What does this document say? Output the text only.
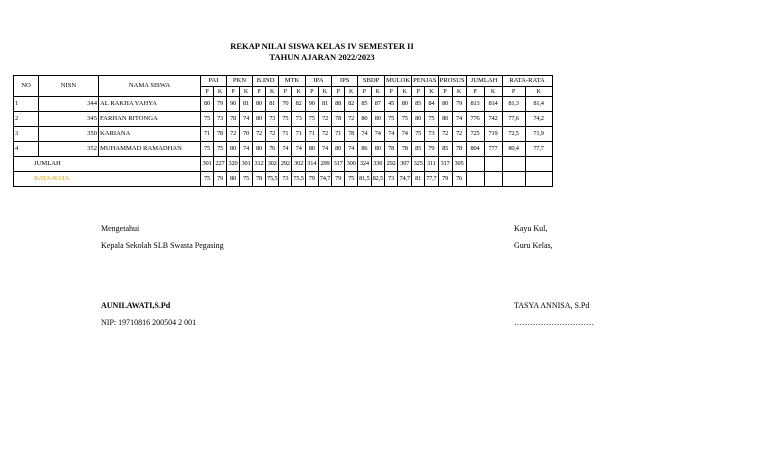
REKAP NILAI SISWA KELAS IV SEMESTER II
TAHUN AJARAN 2022/2023
NO	NISN	NAMA SISWA	PAI		PKN		B.IND		MTK		IPA		IPS		SBDP		MULOK		PENJAS		PROSUS		JUMLAH		RATA-RATA	
			P	K	P	K	P	K	P	K	P	K	P	K	P	K	P	K	P	K	P	K	P	K	P	K
1	344	AL RAKHA YAHYA	80	79	90	81	80	81	70	82	90	81	88	82	85	87	45	80	85	84	80	79	813	814	81,3	81,4
2	345	FARHAN RITONGA	75	73	78	74	80	73	75	73	75	72	78	72	80	80	75	75	80	75	80	74	776	742	77,6	74,2
3	350	KARIANA	71	78	72	70	72	72	71	71	71	72	71	78	74	74	74	74	75	73	72	72	725	719	72,5	71,9
4	352	MUHAMMAD RAMADHAN	75	75	80	74	80	76	74	74	80	74	80	74	86	80	78	78	85	79	85	78	804	777	80,4	77,7
JUMLAH			301	227	320	301	312	302	292	302	314	299	317	300	324	330	292	307	325	311	317	305				
RATA-RATA			75	79	80	75	78	75,5	73	75,5	79	74,7	79	75	81,5	82,5	73	74,7	81	77,7	79	76				
Mengetahui
Kepala Sekolah SLB Swasta Pegasing
AUNILAWATI,S.Pd
NIP: 19710816 200504 2 001
Kayu Kul,
Guru Kelas,
TASYA ANNISA, S.Pd
…………………………
